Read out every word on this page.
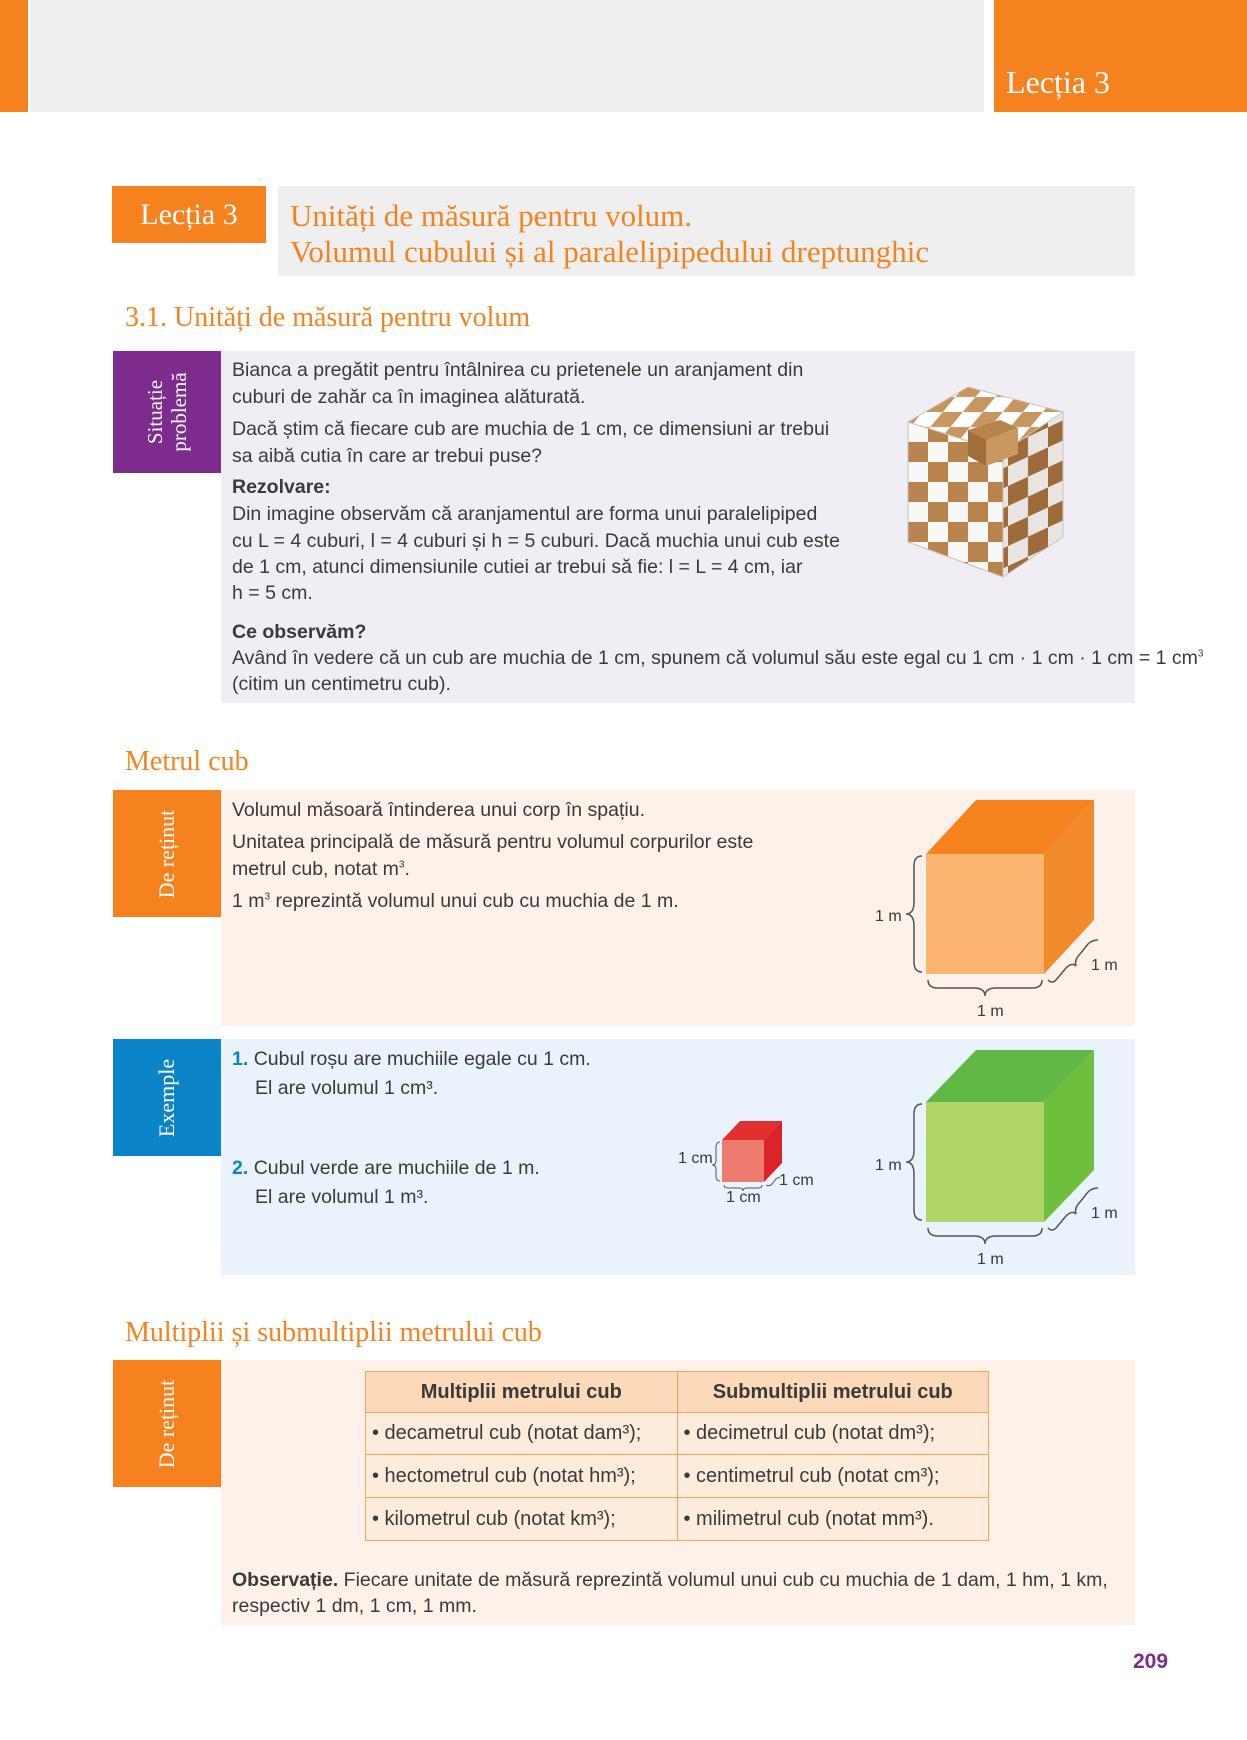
Lecția 3
Lecția 3	Unități de măsură pentru volum.
Volumul cubului și al paralelipipedului dreptunghic
3.1. Unități de măsură pentru volum
Situație problemă
Bianca a pregătit pentru întâlnirea cu prietenele un aranjament din
cuburi de zahăr ca în imaginea alăturată.
Dacă știm că fiecare cub are muchia de 1 cm, ce dimensiuni ar trebui
sa aibă cutia în care ar trebui puse?
Rezolvare:
Din imagine observăm că aranjamentul are forma unui paralelipiped
cu L = 4 cuburi, l = 4 cuburi și h = 5 cuburi. Dacă muchia unui cub este
de 1 cm, atunci dimensiunile cutiei ar trebui să fie: l = L = 4 cm, iar
h = 5 cm.
Ce observăm?
Având în vedere că un cub are muchia de 1 cm, spunem că volumul său este egal cu 1 cm · 1 cm · 1 cm = 1 $cm^3$
(citim un centimetru cub).
Metrul cub
De reținut	Volumul măsoară întinderea unui corp în spațiu.
Unitatea principală de măsură pentru volumul corpurilor este
metrul cub, notat $m^3$.
1 $m^3$ reprezintă volumul unui cub cu muchia de 1 m.
1 m
1 m
1 m
Exemple	1. Cubul roșu are muchiile egale cu 1 cm.
El are volumul 1 cm³.
2. Cubul verde are muchiile de 1 m.
El are volumul 1 m³.
1 cm
1 cm
1 cm
1 m
1 m
1 m
Multiplii și submultiplii metrului cub
De reținut	Multiplii metrului cub	Submultiplii metrului cub
• decametrul cub (notat dam³);	• decimetrul cub (notat dm³);
• hectometrul cub (notat hm³);	• centimetrul cub (notat cm³);
• kilometrul cub (notat km³);	• milimetrul cub (notat mm³).
Observație. Fiecare unitate de măsură reprezintă volumul unui cub cu muchia de 1 dam, 1 hm, 1 km,
respectiv 1 dm, 1 cm, 1 mm.
209
